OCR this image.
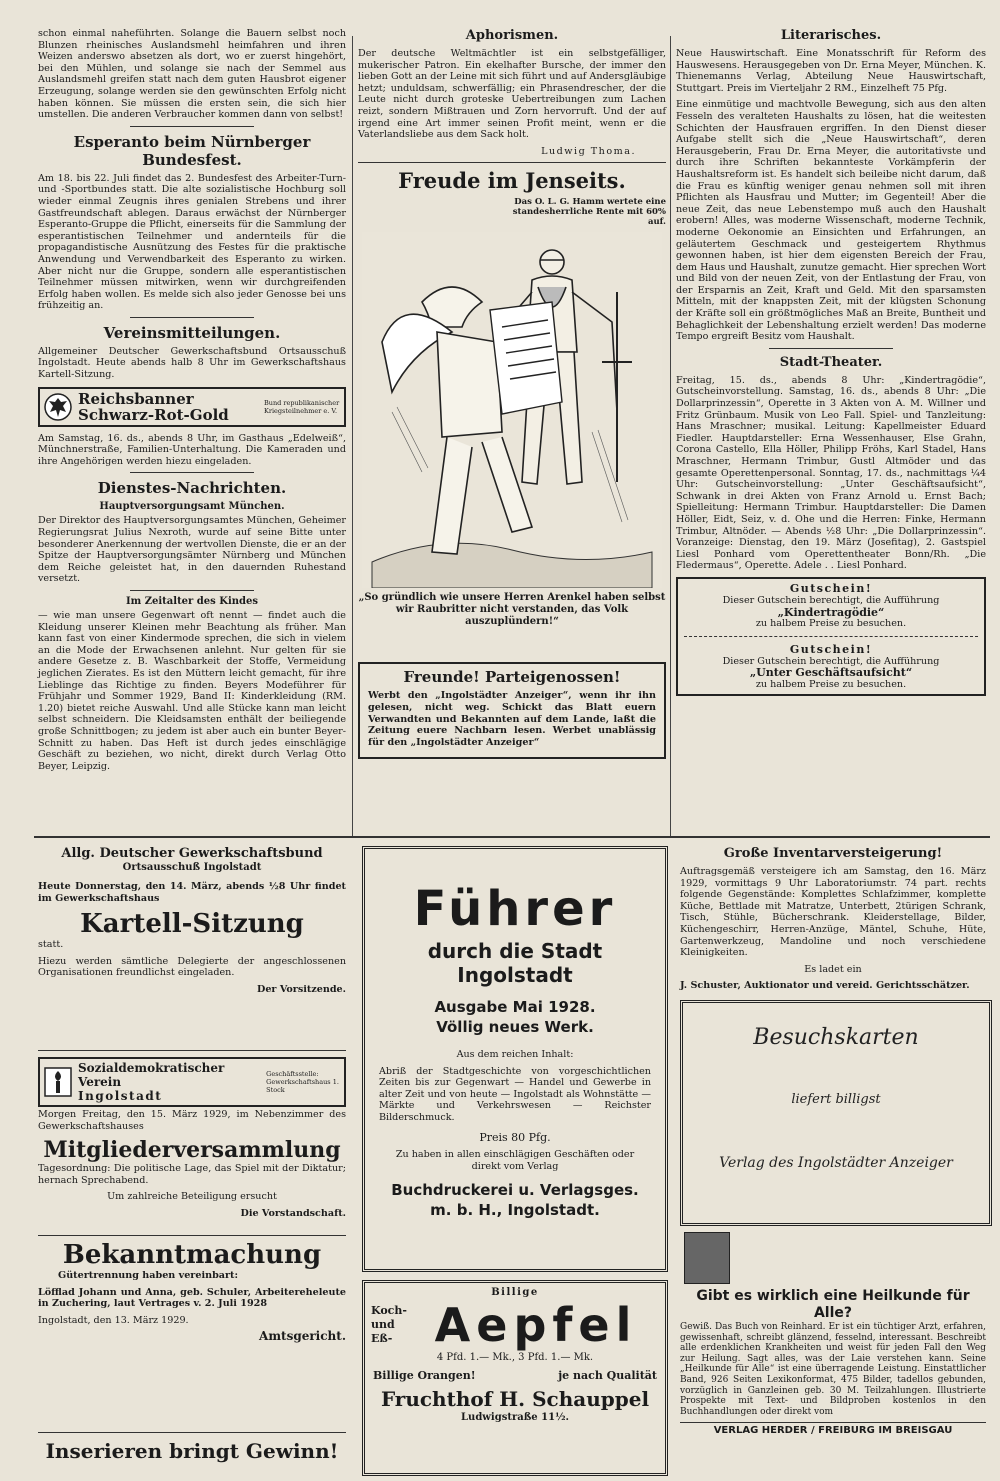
schon einmal naheführten. Solange die Bauern selbst noch Blunzen rheinisches Auslandsmehl heimfahren und ihren Weizen anderswo absetzen als dort, wo er zuerst hingehört, bei den Mühlen, und solange sie nach der Semmel aus Auslandsmehl greifen statt nach dem guten Hausbrot eigener Erzeugung, solange werden sie den gewünschten Erfolg nicht haben können. Sie müssen die ersten sein, die sich hier umstellen. Die anderen Verbraucher kommen dann von selbst!

Esperanto beim Nürnberger Bundesfest.

Am 18. bis 22. Juli findet das 2. Bundesfest des Arbeiter-Turn- und -Sportbundes statt. Die alte sozialistische Hochburg soll wieder einmal Zeugnis ihres genialen Strebens und ihrer Gastfreundschaft ablegen. Daraus erwächst der Nürnberger Esperanto-Gruppe die Pflicht, einerseits für die Sammlung der esperantistischen Teilnehmer und andernteils für die propagandistische Ausnützung des Festes für die praktische Anwendung und Verwendbarkeit des Esperanto zu wirken. Aber nicht nur die Gruppe, sondern alle esperantistischen Teilnehmer müssen mitwirken, wenn wir durchgreifenden Erfolg haben wollen. Es melde sich also jeder Genosse bei uns frühzeitig an.

Vereinsmitteilungen.

Allgemeiner Deutscher Gewerkschaftsbund Ortsausschuß Ingolstadt. Heute abends halb 8 Uhr im Gewerkschaftshaus Kartell-Sitzung.

Reichsbanner
Schwarz-Rot-Gold
Bund republikanischer Kriegsteilnehmer e. V.

Am Samstag, 16. ds., abends 8 Uhr, im Gasthaus „Edelweiß“, Münchnerstraße, Familien-Unterhaltung. Die Kameraden und ihre Angehörigen werden hiezu eingeladen.

Dienstes-Nachrichten.
Hauptversorgungsamt München.

Der Direktor des Hauptversorgungsamtes München, Geheimer Regierungsrat Julius Nexroth, wurde auf seine Bitte unter besonderer Anerkennung der wertvollen Dienste, die er an der Spitze der Hauptversorgungsämter Nürnberg und München dem Reiche geleistet hat, in den dauernden Ruhestand versetzt.

Im Zeitalter des Kindes

— wie man unsere Gegenwart oft nennt — findet auch die Kleidung unserer Kleinen mehr Beachtung als früher. Man kann fast von einer Kindermode sprechen, die sich in vielem an die Mode der Erwachsenen anlehnt. Nur gelten für sie andere Gesetze z. B. Waschbarkeit der Stoffe, Vermeidung jeglichen Zierates. Es ist den Müttern leicht gemacht, für ihre Lieblinge das Richtige zu finden. Beyers Modeführer für Frühjahr und Sommer 1929, Band II: Kinderkleidung (RM. 1.20) bietet reiche Auswahl. Und alle Stücke kann man leicht selbst schneidern. Die Kleidsamsten enthält der beiliegende große Schnittbogen; zu jedem ist aber auch ein bunter Beyer-Schnitt zu haben. Das Heft ist durch jedes einschlägige Geschäft zu beziehen, wo nicht, direkt durch Verlag Otto Beyer, Leipzig.

Aphorismen.

Der deutsche Weltmächtler ist ein selbstgefälliger, mukerischer Patron. Ein ekelhafter Bursche, der immer den lieben Gott an der Leine mit sich führt und auf Andersgläubige hetzt; unduldsam, schwerfällig; ein Phrasendrescher, der die Leute nicht durch groteske Uebertreibungen zum Lachen reizt, sondern Mißtrauen und Zorn hervorruft. Und der auf irgend eine Art immer seinen Profit meint, wenn er die Vaterlandsliebe aus dem Sack holt.

Ludwig Thoma.

Freude im Jenseits.

Das O. L. G. Hamm wertete eine standesherrliche Rente mit 60% auf.

„So gründlich wie unsere Herren Arenkel haben selbst wir Raubritter nicht verstanden, das Volk auszuplündern!“

Freunde! Parteigenossen!

Werbt den „Ingolstädter Anzeiger“, wenn ihr ihn gelesen, nicht weg. Schickt das Blatt euern Verwandten und Bekannten auf dem Lande, laßt die Zeitung euere Nachbarn lesen. Werbet unablässig für den „Ingolstädter Anzeiger“

Literarisches.

Neue Hauswirtschaft. Eine Monatsschrift für Reform des Hauswesens. Herausgegeben von Dr. Erna Meyer, München. K. Thienemanns Verlag, Abteilung Neue Hauswirtschaft, Stuttgart. Preis im Vierteljahr 2 RM., Einzelheft 75 Pfg.

Eine einmütige und machtvolle Bewegung, sich aus den alten Fesseln des veralteten Haushalts zu lösen, hat die weitesten Schichten der Hausfrauen ergriffen. In den Dienst dieser Aufgabe stellt sich die „Neue Hauswirtschaft“, deren Herausgeberin, Frau Dr. Erna Meyer, die autoritativste und durch ihre Schriften bekannteste Vorkämpferin der Haushaltsreform ist. Es handelt sich beileibe nicht darum, daß die Frau es künftig weniger genau nehmen soll mit ihren Pflichten als Hausfrau und Mutter; im Gegenteil! Aber die neue Zeit, das neue Lebenstempo muß auch den Haushalt erobern! Alles, was moderne Wissenschaft, moderne Technik, moderne Oekonomie an Einsichten und Erfahrungen, an geläutertem Geschmack und gesteigertem Rhythmus gewonnen haben, ist hier dem eigensten Bereich der Frau, dem Haus und Haushalt, zunutze gemacht. Hier sprechen Wort und Bild von der neuen Zeit, von der Entlastung der Frau, von der Ersparnis an Zeit, Kraft und Geld. Mit den sparsamsten Mitteln, mit der knappsten Zeit, mit der klügsten Schonung der Kräfte soll ein größtmögliches Maß an Breite, Buntheit und Behaglichkeit der Lebenshaltung erzielt werden! Das moderne Tempo ergreift Besitz vom Haushalt.

Stadt-Theater.

Freitag, 15. ds., abends 8 Uhr: „Kindertragödie“, Gutscheinvorstellung. Samstag, 16. ds., abends 8 Uhr: „Die Dollarprinzessin“, Operette in 3 Akten von A. M. Willner und Fritz Grünbaum. Musik von Leo Fall. Spiel- und Tanzleitung: Hans Mraschner; musikal. Leitung: Kapellmeister Eduard Fiedler. Hauptdarsteller: Erna Wessenhauser, Else Grahn, Corona Castello, Ella Höller, Philipp Fröhs, Karl Stadel, Hans Mraschner, Hermann Trimbur, Gustl Altmöder und das gesamte Operettenpersonal. Sonntag, 17. ds., nachmittags ¼4 Uhr: Gutscheinvorstellung: „Unter Geschäftsaufsicht“, Schwank in drei Akten von Franz Arnold u. Ernst Bach; Spielleitung: Hermann Trimbur. Hauptdarsteller: Die Damen Höller, Eidt, Seiz, v. d. Ohe und die Herren: Finke, Hermann Trimbur, Altnöder. — Abends ½8 Uhr: „Die Dollarprinzessin“. Voranzeige: Dienstag, den 19. März (Josefitag), 2. Gastspiel Liesl Ponhard vom Operettentheater Bonn/Rh. „Die Fledermaus“, Operette. Adele . . Liesl Ponhard.

Gutschein!

Dieser Gutschein berechtigt, die Aufführung

„Kindertragödie“

zu halbem Preise zu besuchen.

Gutschein!

Dieser Gutschein berechtigt, die Aufführung

„Unter Geschäftsaufsicht“

zu halbem Preise zu besuchen.

Allg. Deutscher Gewerkschaftsbund
Ortsausschuß Ingolstadt

Heute Donnerstag, den 14. März, abends ½8 Uhr findet im Gewerkschaftshaus

Kartell-Sitzung

statt.

Hiezu werden sämtliche Delegierte der angeschlossenen Organisationen freundlichst eingeladen.

Der Vorsitzende.

Sozialdemokratischer Verein
Ingolstadt
Geschäftsstelle: Gewerkschaftshaus 1. Stock

Morgen Freitag, den 15. März 1929, im Nebenzimmer des Gewerkschaftshauses

Mitgliederversammlung

Tagesordnung: Die politische Lage, das Spiel mit der Diktatur; hernach Sprechabend.

Um zahlreiche Beteiligung ersucht

Die Vorstandschaft.

Bekanntmachung

Gütertrennung haben vereinbart:

Löfflad Johann und Anna, geb. Schuler, Arbeitereheleute in Zuchering, laut Vertrages v. 2. Juli 1928

Ingolstadt, den 13. März 1929.

Amtsgericht.

Inserieren bringt Gewinn!
Führer
durch die Stadt
Ingolstadt
Ausgabe Mai 1928.
Völlig neues Werk.

Aus dem reichen Inhalt:

Abriß der Stadtgeschichte von vorgeschichtlichen Zeiten bis zur Gegenwart — Handel und Gewerbe in alter Zeit und von heute — Ingolstadt als Wohnstätte — Märkte und Verkehrswesen — Reichster Bilderschmuck.

Preis 80 Pfg.

Zu haben in allen einschlägigen Geschäften oder direkt vom Verlag

Buchdruckerei u. Verlagsges.
m. b. H., Ingolstadt.
Billige
Koch- und Eß- Aepfel

4 Pfd. 1.— Mk., 3 Pfd. 1.— Mk.

Billige Orangen!	je nach Qualität
Fruchthof H. Schauppel
Ludwigstraße 11½.
Große Inventarversteigerung!

Auftragsgemäß versteigere ich am Samstag, den 16. März 1929, vormittags 9 Uhr Laboratoriumstr. 74 part. rechts folgende Gegenstände: Komplettes Schlafzimmer, komplette Küche, Bettlade mit Matratze, Unterbett, 2türigen Schrank, Tisch, Stühle, Bücherschrank. Kleiderstellage, Bilder, Küchengeschirr, Herren-Anzüge, Mäntel, Schuhe, Hüte, Gartenwerkzeug, Mandoline und noch verschiedene Kleinigkeiten.

Es ladet ein

J. Schuster, Auktionator und vereid. Gerichtsschätzer.

Besuchskarten
liefert billigst
Verlag des Ingolstädter Anzeiger
Gibt es wirklich eine Heilkunde für Alle?

Gewiß. Das Buch von Reinhard. Er ist ein tüchtiger Arzt, erfahren, gewissenhaft, schreibt glänzend, fesselnd, interessant. Beschreibt alle erdenklichen Krankheiten und weist für jeden Fall den Weg zur Heilung. Sagt alles, was der Laie verstehen kann. Seine „Heilkunde für Alle“ ist eine überragende Leistung. Einstattlicher Band, 926 Seiten Lexikonformat, 475 Bilder, tadellos gebunden, vorzüglich in Ganzleinen geb. 30 M. Teilzahlungen. Illustrierte Prospekte mit Text- und Bildproben kostenlos in den Buchhandlungen oder direkt vom

VERLAG HERDER / FREIBURG IM BREISGAU
